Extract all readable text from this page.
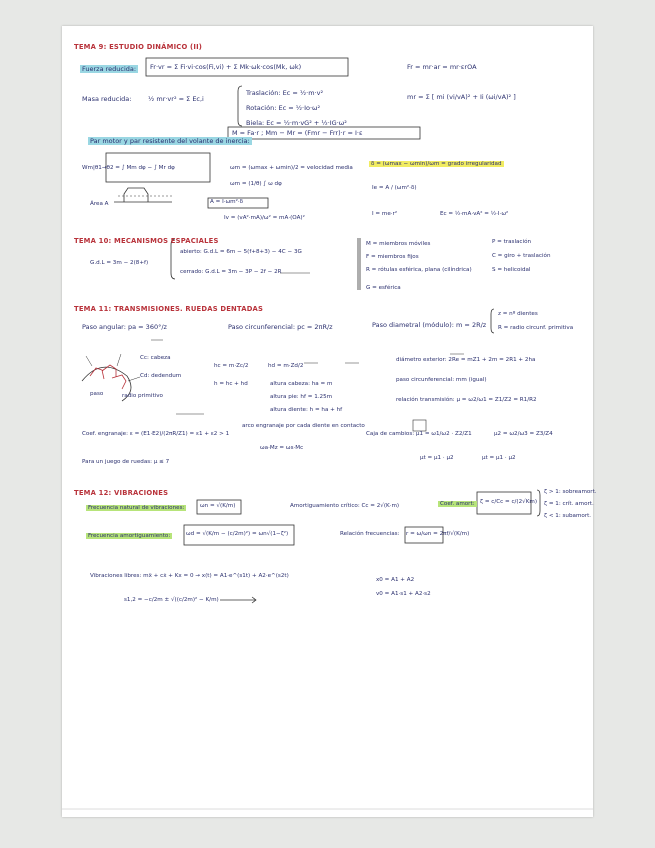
TEMA 9: ESTUDIO DINÁMICO (II)
Fuerza reducida:	Fr·vr = Σ Fi·vi·cos(Fi,vi) + Σ Mk·ωk·cos(Mk, ωk)	Fr = mr·ar = mr·εrOA
Masa reducida:	½ mr·vr² = Σ Ec,i	mr = Σ [ mi (vi/vA)² + Ii (ωi/vA)² ]
Traslación: Ec = ½·m·v²
Rotación: Ec = ½·Io·ω²
Biela: Ec = ½·m·vG² + ½·IG·ω²
Par motor y par resistente del volante de inercia:
M = Fa·r ; Mm − Mr = (Fmr − Frr)·r = I·ε
Wm|θ1→θ2 = ∫ Mm dφ − ∫ Mr dφ	ωm = (ωmax + ωmin)/2 = velocidad media
δ = (ωmax − ωmin)/ωm = grado irregularidad
ωm = (1/θ) ∫ ω dφ
Ie = A / (ωm²·δ)
Área A	A = I·ωm²·δ
Iv = (vA²·mA)/ω² = mA·(OA)²
I = me·r²	Ec = ½·mA·vA² = ½·I·ω²
TEMA 10: MECANISMOS ESPACIALES
G.d.L = 3m − 2(8+f)
abierto: G.d.L = 6m − 5(f+8+3) − 4C − 3G
cerrado: G.d.L = 3m − 3P − 2f − 2R
M = miembros móviles
F = miembros fijos
R = rótulas esférica, plana (cilíndrica)
G = esférica
P = traslación
C = giro + traslación
S = helicoidal
TEMA 11: TRANSMISIONES. RUEDAS DENTADAS
Paso angular: pa = 360°/z	Paso circunferencial: pc = 2πR/z	Paso diametral (módulo): m = 2R/z
z = nº dientes
R = radio circunf. primitiva
Cc: cabeza
Cd: dedendum
paso	radio primitivo
hc = m·Zc/2	hd = m·Zd/2
h = hc + hd	altura cabeza: ha = m
altura pie: hf = 1.25m
altura diente: h = ha + hf
diámetro exterior: 2Re = mZ1 + 2m = 2R1 + 2ha
paso circunferencial: mm (igual)
relación transmisión: μ = ω2/ω1 = Z1/Z2 = R1/R2
Coef. engranaje: ε = (E1·E2)/(2πR/Z1) = ε1 + ε2 > 1
arco engranaje por cada diente en contacto
ωa·Mz = ωs·Mc
Caja de cambios: μ1 = ω1/ω2 · Z2/Z1	μ2 = ω2/ω3 = Z3/Z4
μt = μ1 · μ2	μt = μ1 · μ2
Para un juego de ruedas: μ ≤ 7
TEMA 12: VIBRACIONES
Frecuencia natural de vibraciones:	ωn = √(K/m)	Amortiguamiento crítico: Cc = 2√(K·m)	Coef. amort: ζ = c/Cc = c/(2√Km)
ζ > 1: sobreamort.
ζ = 1: crít. amort.
ζ < 1: subamort.
Frecuencia amortiguamiento:	ωd = √(K/m − (c/2m)²) = ωn√(1−ζ²)	Relación frecuencias: r = ω/ωn = 2πf/√(K/m)
Vibraciones libres: mẍ + cẋ + Kx = 0 → x(t) = A1·e^(s1t) + A2·e^(s2t)
s1,2 = −c/2m ± √((c/2m)² − K/m)
x0 = A1 + A2
v0 = A1·s1 + A2·s2
